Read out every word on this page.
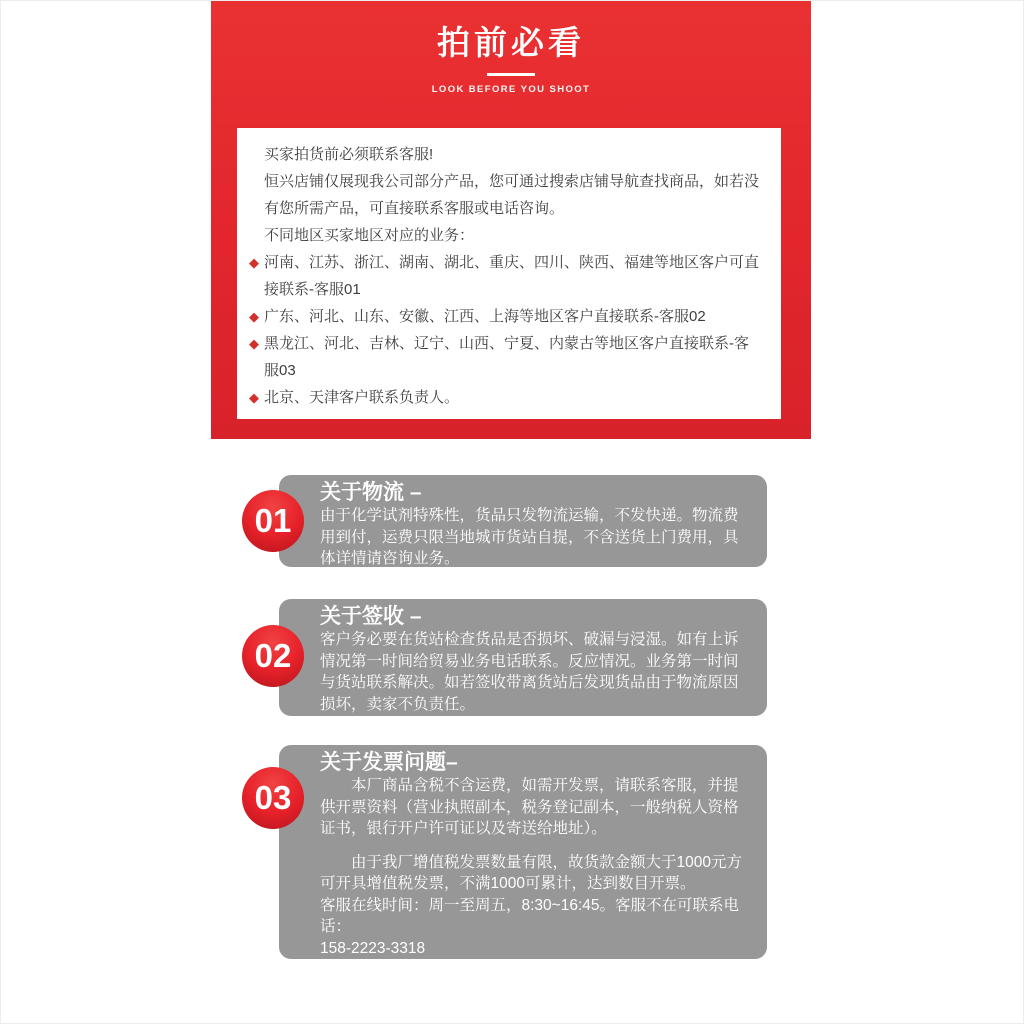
拍前必看
LOOK BEFORE YOU SHOOT

买家拍货前必须联系客服!

恒兴店铺仅展现我公司部分产品，您可通过搜索店铺导航查找商品，如若没有您所需产品，可直接联系客服或电话咨询。

不同地区买家地区对应的业务：

◆ 河南、江苏、浙江、湖南、湖北、重庆、四川、陕西、福建等地区客户可直接联系-客服01
◆ 广东、河北、山东、安徽、江西、上海等地区客户直接联系-客服02
◆ 黑龙江、河北、吉林、辽宁、山西、宁夏、内蒙古等地区客户直接联系-客服03
◆ 北京、天津客户联系负责人。
01
关于物流 –

由于化学试剂特殊性，货品只发物流运输，不发快递。物流费用到付，运费只限当地城市货站自提，不含送货上门费用，具体详情请咨询业务。

02
关于签收 –

客户务必要在货站检查货品是否损坏、破漏与浸湿。如有上诉情况第一时间给贸易业务电话联系。反应情况。业务第一时间与货站联系解决。如若签收带离货站后发现货品由于物流原因损坏，卖家不负责任。

03
关于发票问题–

本厂商品含税不含运费，如需开发票，请联系客服，并提供开票资料（营业执照副本，税务登记副本，一般纳税人资格证书，银行开户许可证以及寄送给地址）。

由于我厂增值税发票数量有限，故货款金额大于1000元方可开具增值税发票，不满1000可累计，达到数目开票。

客服在线时间：周一至周五，8:30~16:45。客服不在可联系电话：

158-2223-3318

说明：本站所有货物均为含税不含运费价格，如需开票请联系客服。
